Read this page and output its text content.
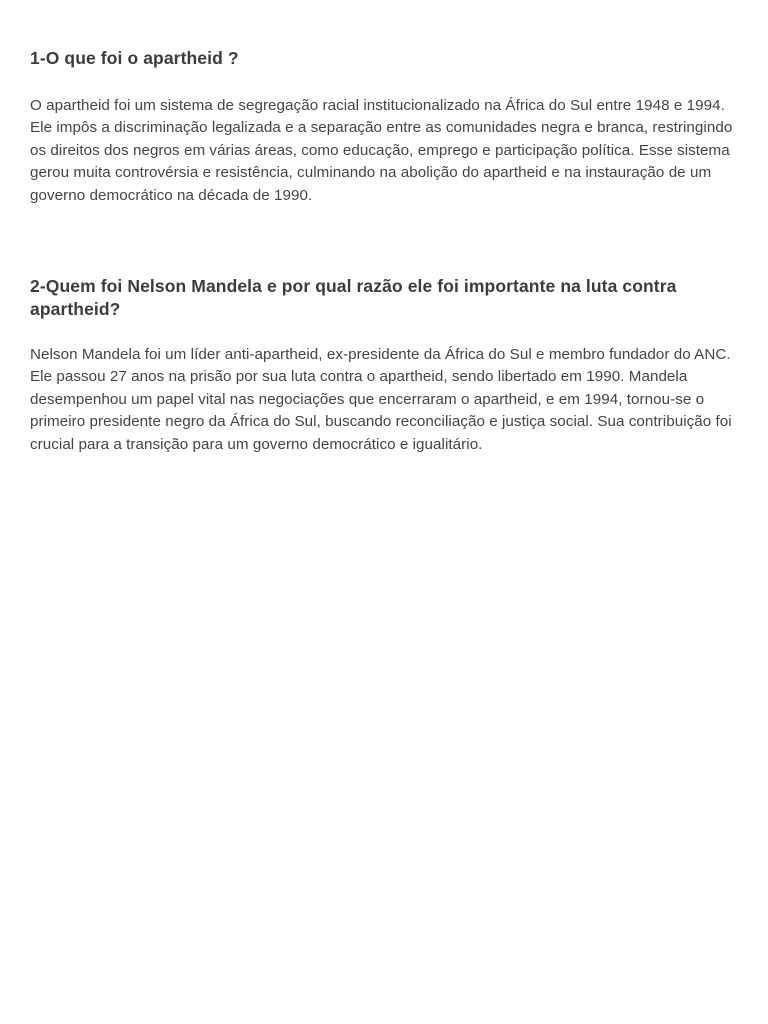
1-O que foi o apartheid ?

O apartheid foi um sistema de segregação racial institucionalizado na África do Sul entre 1948 e 1994. Ele impôs a discriminação legalizada e a separação entre as comunidades negra e branca, restringindo os direitos dos negros em várias áreas, como educação, emprego e participação política. Esse sistema gerou muita controvérsia e resistência, culminando na abolição do apartheid e na instauração de um governo democrático na década de 1990.

2-Quem foi Nelson Mandela e por qual razão ele foi importante na luta contra apartheid?

Nelson Mandela foi um líder anti-apartheid, ex-presidente da África do Sul e membro fundador do ANC. Ele passou 27 anos na prisão por sua luta contra o apartheid, sendo libertado em 1990. Mandela desempenhou um papel vital nas negociações que encerraram o apartheid, e em 1994, tornou-se o primeiro presidente negro da África do Sul, buscando reconciliação e justiça social. Sua contribuição foi crucial para a transição para um governo democrático e igualitário.
